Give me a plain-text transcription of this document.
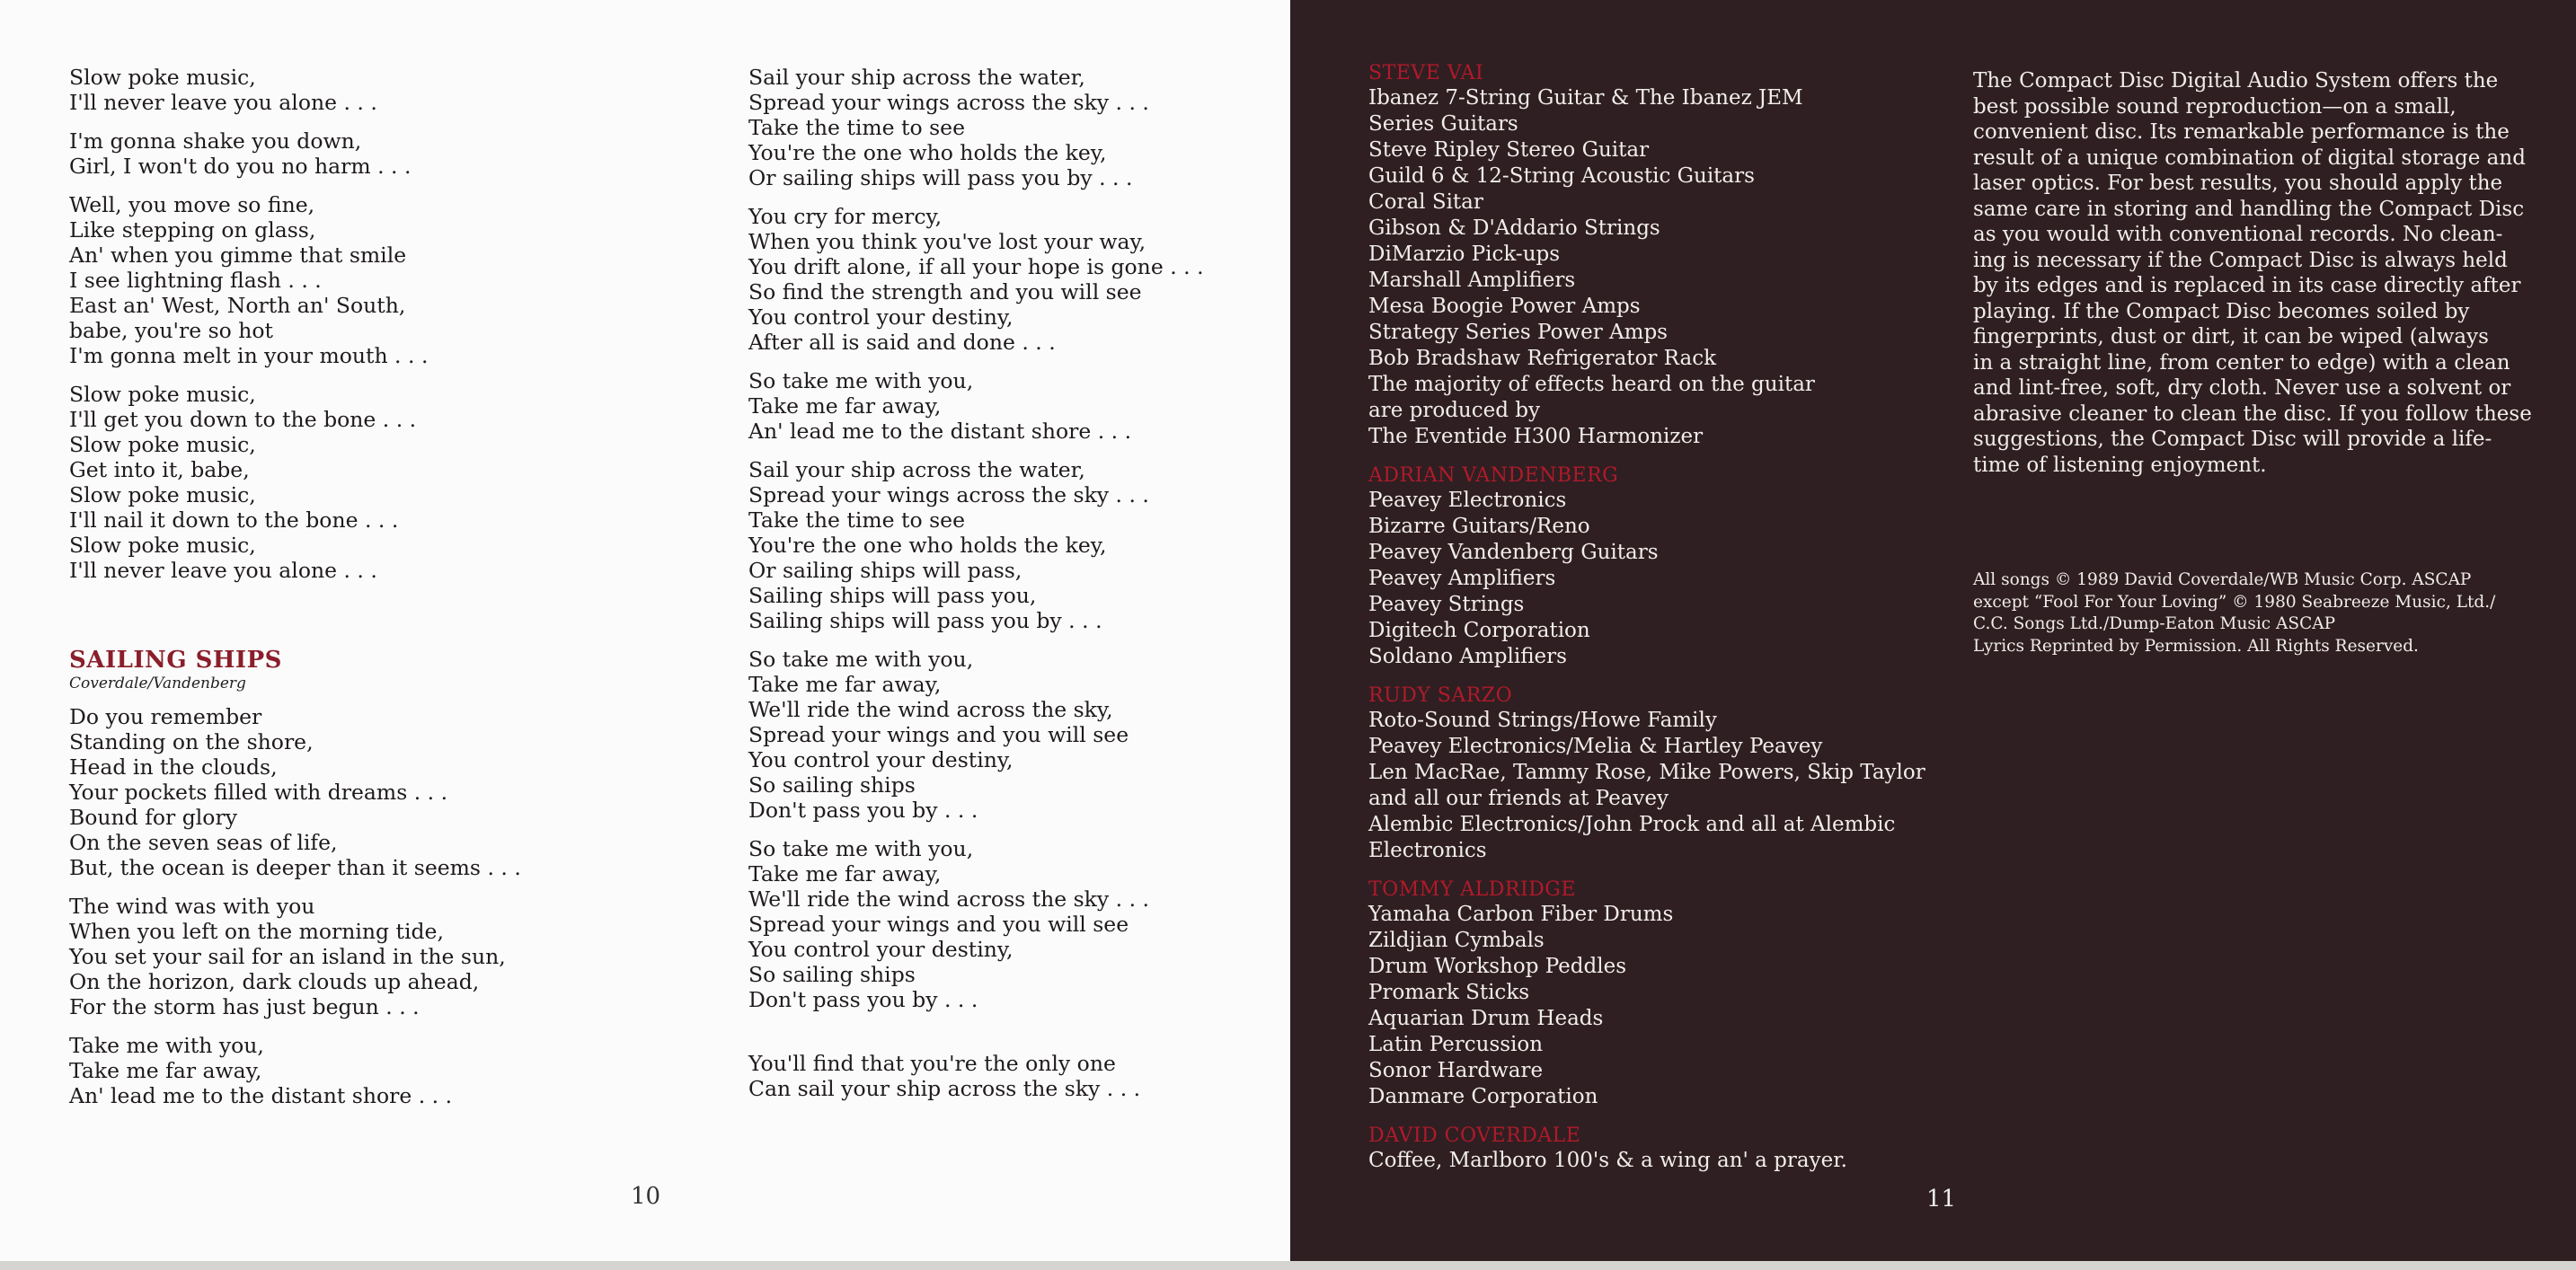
Slow poke music,
I'll never leave you alone . . .
I'm gonna shake you down,
Girl, I won't do you no harm . . .
Well, you move so fine,
Like stepping on glass,
An' when you gimme that smile
I see lightning flash . . .
East an' West, North an' South,
babe, you're so hot
I'm gonna melt in your mouth . . .
Slow poke music,
I'll get you down to the bone . . .
Slow poke music,
Get into it, babe,
Slow poke music,
I'll nail it down to the bone . . .
Slow poke music,
I'll never leave you alone . . .
SAILING SHIPS
Coverdale/Vandenberg
Do you remember
Standing on the shore,
Head in the clouds,
Your pockets filled with dreams . . .
Bound for glory
On the seven seas of life,
But, the ocean is deeper than it seems . . .
The wind was with you
When you left on the morning tide,
You set your sail for an island in the sun,
On the horizon, dark clouds up ahead,
For the storm has just begun . . .
Take me with you,
Take me far away,
An' lead me to the distant shore . . .
Sail your ship across the water,
Spread your wings across the sky . . .
Take the time to see
You're the one who holds the key,
Or sailing ships will pass you by . . .
You cry for mercy,
When you think you've lost your way,
You drift alone, if all your hope is gone . . .
So find the strength and you will see
You control your destiny,
After all is said and done . . .
So take me with you,
Take me far away,
An' lead me to the distant shore . . .
Sail your ship across the water,
Spread your wings across the sky . . .
Take the time to see
You're the one who holds the key,
Or sailing ships will pass,
Sailing ships will pass you,
Sailing ships will pass you by . . .
So take me with you,
Take me far away,
We'll ride the wind across the sky,
Spread your wings and you will see
You control your destiny,
So sailing ships
Don't pass you by . . .
So take me with you,
Take me far away,
We'll ride the wind across the sky . . .
Spread your wings and you will see
You control your destiny,
So sailing ships
Don't pass you by . . .
You'll find that you're the only one
Can sail your ship across the sky . . .
10
STEVE VAI
Ibanez 7-String Guitar & The Ibanez JEM
Series Guitars
Steve Ripley Stereo Guitar
Guild 6 & 12-String Acoustic Guitars
Coral Sitar
Gibson & D'Addario Strings
DiMarzio Pick-ups
Marshall Amplifiers
Mesa Boogie Power Amps
Strategy Series Power Amps
Bob Bradshaw Refrigerator Rack
The majority of effects heard on the guitar
are produced by
The Eventide H300 Harmonizer
ADRIAN VANDENBERG
Peavey Electronics
Bizarre Guitars/Reno
Peavey Vandenberg Guitars
Peavey Amplifiers
Peavey Strings
Digitech Corporation
Soldano Amplifiers
RUDY SARZO
Roto-Sound Strings/Howe Family
Peavey Electronics/Melia & Hartley Peavey
Len MacRae, Tammy Rose, Mike Powers, Skip Taylor
and all our friends at Peavey
Alembic Electronics/John Prock and all at Alembic
Electronics
TOMMY ALDRIDGE
Yamaha Carbon Fiber Drums
Zildjian Cymbals
Drum Workshop Peddles
Promark Sticks
Aquarian Drum Heads
Latin Percussion
Sonor Hardware
Danmare Corporation
DAVID COVERDALE
Coffee, Marlboro 100's & a wing an' a prayer.
The Compact Disc Digital Audio System offers the
best possible sound reproduction—on a small,
convenient disc. Its remarkable performance is the
result of a unique combination of digital storage and
laser optics. For best results, you should apply the
same care in storing and handling the Compact Disc
as you would with conventional records. No clean-
ing is necessary if the Compact Disc is always held
by its edges and is replaced in its case directly after
playing. If the Compact Disc becomes soiled by
fingerprints, dust or dirt, it can be wiped (always
in a straight line, from center to edge) with a clean
and lint-free, soft, dry cloth. Never use a solvent or
abrasive cleaner to clean the disc. If you follow these
suggestions, the Compact Disc will provide a life-
time of listening enjoyment.
All songs © 1989 David Coverdale/WB Music Corp. ASCAP
except “Fool For Your Loving” © 1980 Seabreeze Music, Ltd./
C.C. Songs Ltd./Dump-Eaton Music ASCAP
Lyrics Reprinted by Permission. All Rights Reserved.
11
